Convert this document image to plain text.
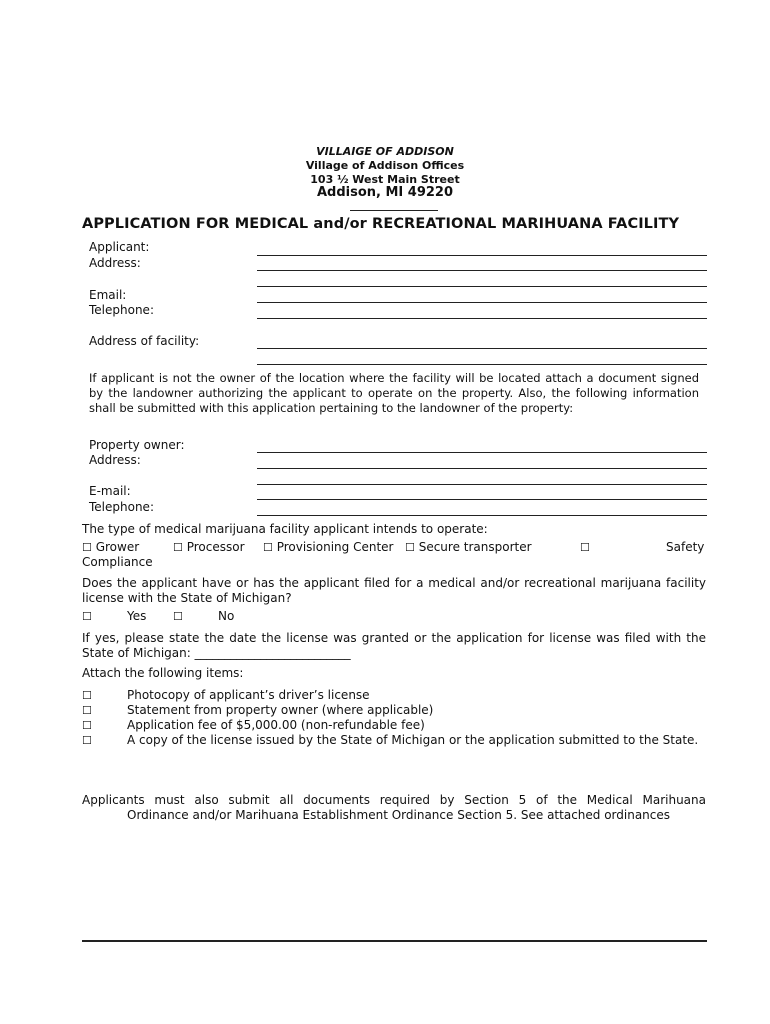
VILLAIGE OF ADDISON
Village of Addison Offices
103 ½ West Main Street
Addison, MI 49220
APPLICATION FOR MEDICAL and/or RECREATIONAL MARIHUANA FACILITY
Applicant:
Address:
Email:
Telephone:
Address of facility:
If applicant is not the owner of the location where the facility will be located attach a document signed by the landowner authorizing the applicant to operate on the property. Also, the following information shall be submitted with this application pertaining to the landowner of the property:
Property owner:
Address:
E-mail:
Telephone:
The type of medical marijuana facility applicant intends to operate:
☐ Grower	☐ Processor ☐ Provisioning Center ☐ Secure transporter	☐	Safety
Compliance
Does the applicant have or has the applicant filed for a medical and/or recreational marijuana facility license with the State of Michigan?
☐	Yes ☐	No
If yes, please state the date the license was granted or the application for license was filed with the State of Michigan: __________________________
Attach the following items:
☐	Photocopy of applicant’s driver’s license
☐	Statement from property owner (where applicable)
☐	Application fee of $5,000.00 (non-refundable fee)
☐	A copy of the license issued by the State of Michigan or the application submitted to the State.
Applicants must also submit all documents required by Section 5 of the Medical Marihuana
Ordinance and/or Marihuana Establishment Ordinance Section 5. See attached ordinances
